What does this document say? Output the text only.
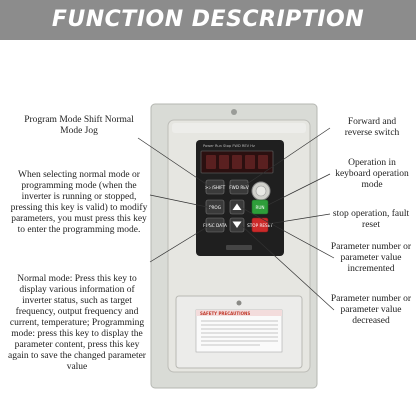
FUNCTION DESCRIPTION
Power Run Stop FWD REV Hz
>>/SHIFT FWD REV
PROG	RUN
FUNC DATA	STOP RESET
SAFETY PRECAUTIONS
Program Mode Shift Normal Mode Jog
When selecting normal mode or programming mode (when the inverter is running or stopped, pressing this key is valid) to modify parameters, you must press this key to enter the programming mode.
Normal mode: Press this key to display various information of inverter status, such as target frequency, output frequency and current, temperature; Programming mode: press this key to display the parameter content, press this key again to save the changed parameter value
Forward and reverse switch
Operation in keyboard operation mode
stop operation, fault reset
Parameter number or parameter value incremented
Parameter number or parameter value decreased
